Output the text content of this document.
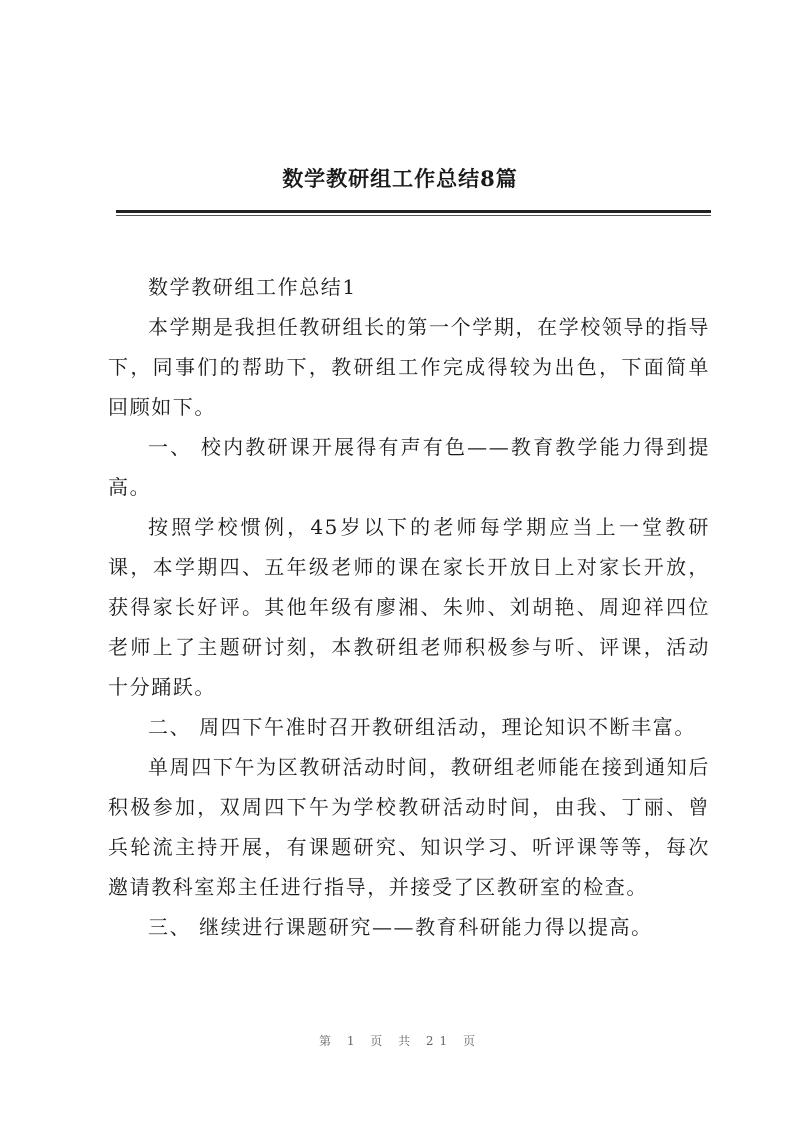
数学教研组工作总结8篇

数学教研组工作总结1

本学期是我担任教研组长的第一个学期，在学校领导的指导下，同事们的帮助下，教研组工作完成得较为出色，下面简单回顾如下。

一、 校内教研课开展得有声有色——教育教学能力得到提高。

按照学校惯例，45岁以下的老师每学期应当上一堂教研课，本学期四、五年级老师的课在家长开放日上对家长开放，获得家长好评。其他年级有廖湘、朱帅、刘胡艳、周迎祥四位老师上了主题研讨刻，本教研组老师积极参与听、评课，活动十分踊跃。

二、 周四下午准时召开教研组活动，理论知识不断丰富。

单周四下午为区教研活动时间，教研组老师能在接到通知后积极参加，双周四下午为学校教研活动时间，由我、丁丽、曾兵轮流主持开展，有课题研究、知识学习、听评课等等，每次邀请教科室郑主任进行指导，并接受了区教研室的检查。

三、 继续进行课题研究——教育科研能力得以提高。

第 1 页 共 21 页
